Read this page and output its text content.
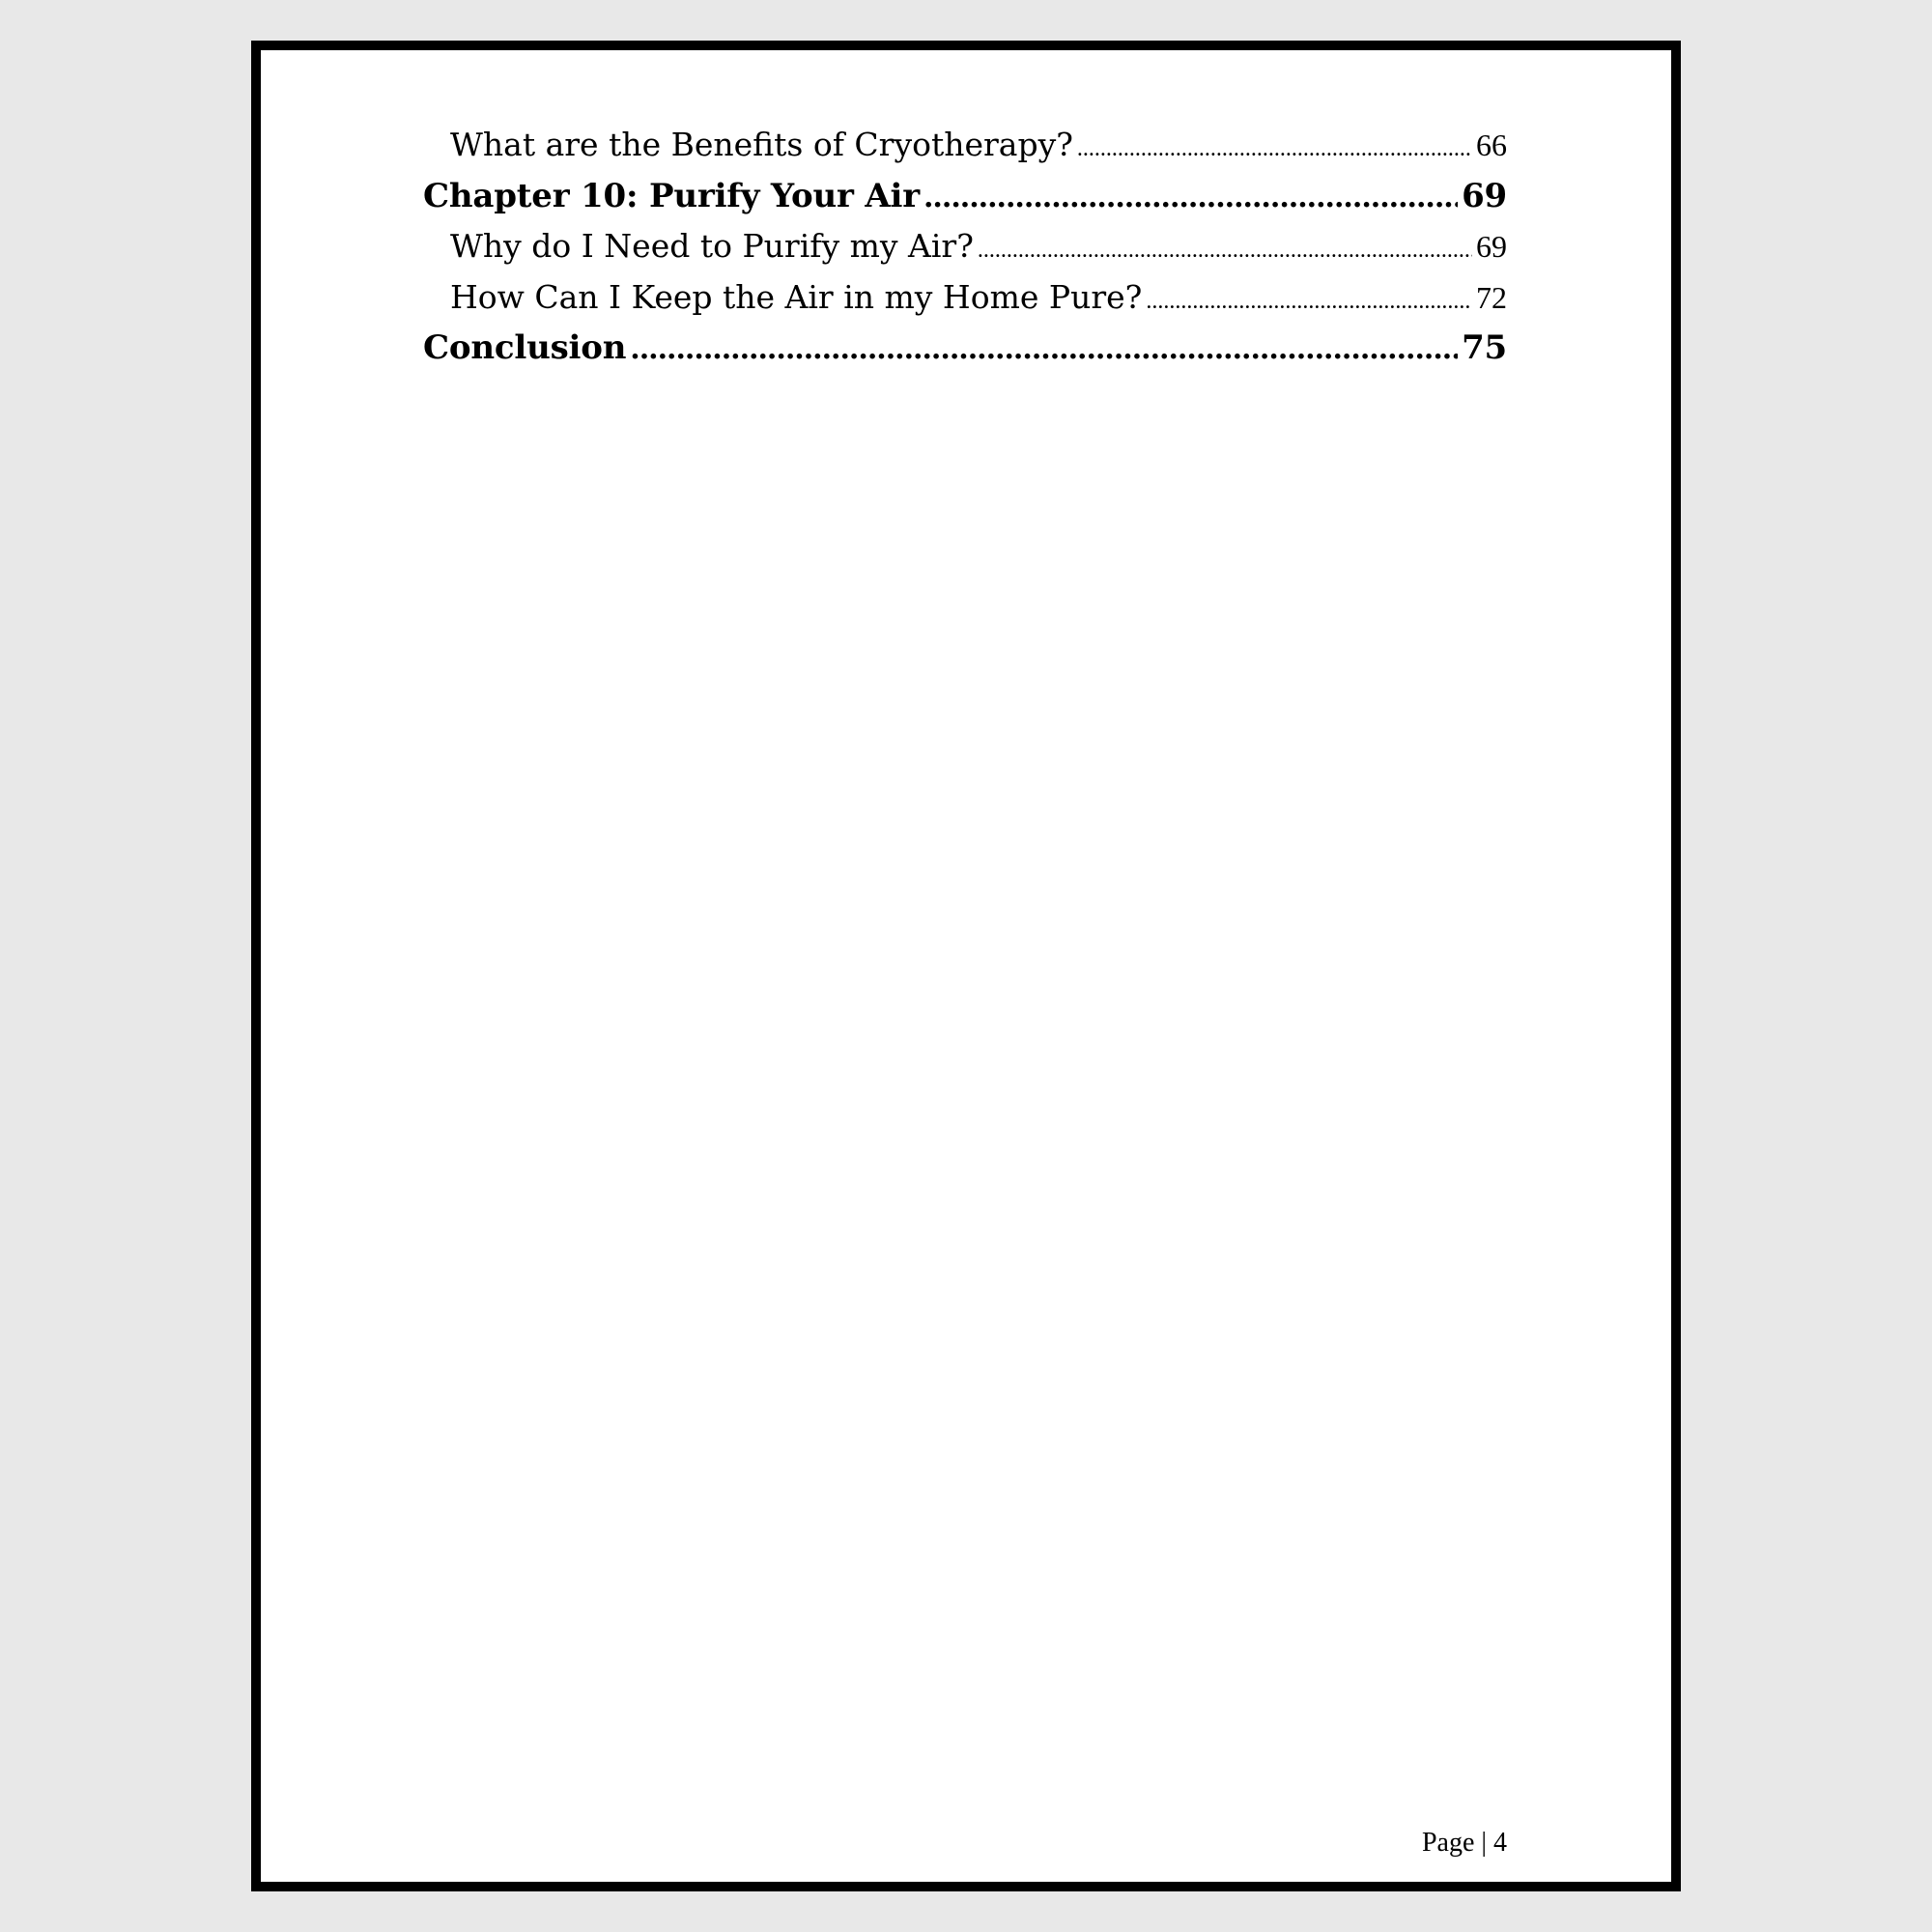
What are the Benefits of Cryotherapy? .....	66
Chapter 10: Purify Your Air .....	69
Why do I Need to Purify my Air? .....	69
How Can I Keep the Air in my Home Pure? .....	72
Conclusion .....	75
Page | 4
